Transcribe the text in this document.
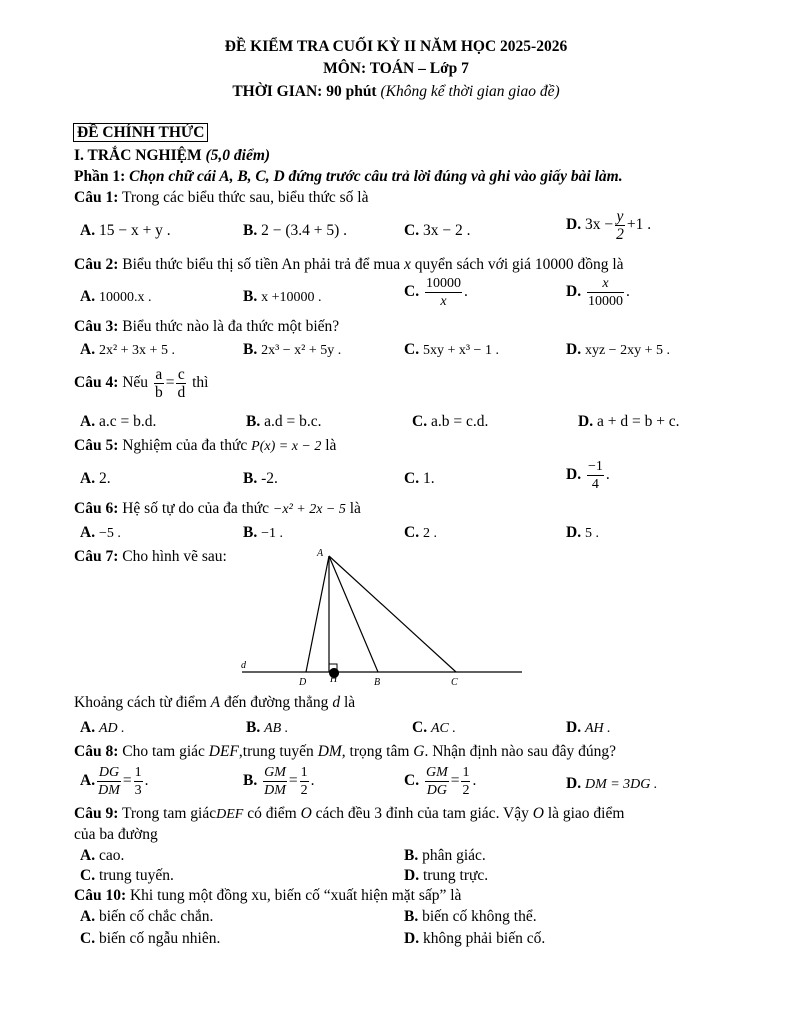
ĐỀ KIỂM TRA CUỐI KỲ II NĂM HỌC 2025-2026
MÔN: TOÁN – Lớp 7
THỜI GIAN: 90 phút (Không kể thời gian giao đề)
ĐỀ CHÍNH THỨC
I. TRẮC NGHIỆM (5,0 điểm)
Phần 1: Chọn chữ cái A, B, C, D đứng trước câu trả lời đúng và ghi vào giấy bài làm.
Câu 1: Trong các biểu thức sau, biểu thức số là
A. 15 − x + y .	B. 2 − (3.4 + 5) .	C. 3x − 2 .	D. $3x - \frac{y}{2} +1$ .
Câu 2: Biểu thức biểu thị số tiền An phải trả để mua x quyển sách với giá 10000 đồng là
A. 10000.x .	B. x +10000 .	C. $\frac{10000}{x}$ .	D. $\frac{x}{10000}$ .
Câu 3: Biểu thức nào là đa thức một biến?
A. 2x² + 3x + 5 .	B. 2x³ − x² + 5y .	C. 5xy + x³ − 1 .	D. xyz − 2xy + 5 .
Câu 4: Nếu $\frac{a}{b} = \frac{c}{d}$ thì
A. a.c = b.d.	B. a.d = b.c.	C. a.b = c.d.	D. a + d = b + c.
Câu 5: Nghiệm của đa thức P(x) = x − 2 là
A. 2.	B. -2.	C. 1.	D. $\frac{-1}{4}$ .
Câu 6: Hệ số tự do của đa thức −x² + 2x − 5 là
A. −5 .	B. −1 .	C. 2 .	D. 5 .
Câu 7: Cho hình vẽ sau:	A
d
D H	B	C
Khoảng cách từ điểm A đến đường thẳng d là
A. AD .	B. AB .	C. AC .	D. AH .
Câu 8: Cho tam giác DEF,trung tuyến DM, trọng tâm G. Nhận định nào sau đây đúng?
A. $\frac{DG}{DM} = \frac{1}{3}$ .	B. $\frac{GM}{DM} = \frac{1}{2}$ .	C. $\frac{GM}{DG} = \frac{1}{2}$ .	D. DM = 3DG .
Câu 9: Trong tam giácDEF có điểm O cách đều 3 đỉnh của tam giác. Vậy O là giao điểm
của ba đường
A. cao.	B. phân giác.
C. trung tuyến.	D. trung trực.
Câu 10: Khi tung một đồng xu, biến cố “xuất hiện mặt sấp” là
A. biến cố chắc chắn.	B. biến cố không thể.
C. biến cố ngẫu nhiên.	D. không phải biến cố.
